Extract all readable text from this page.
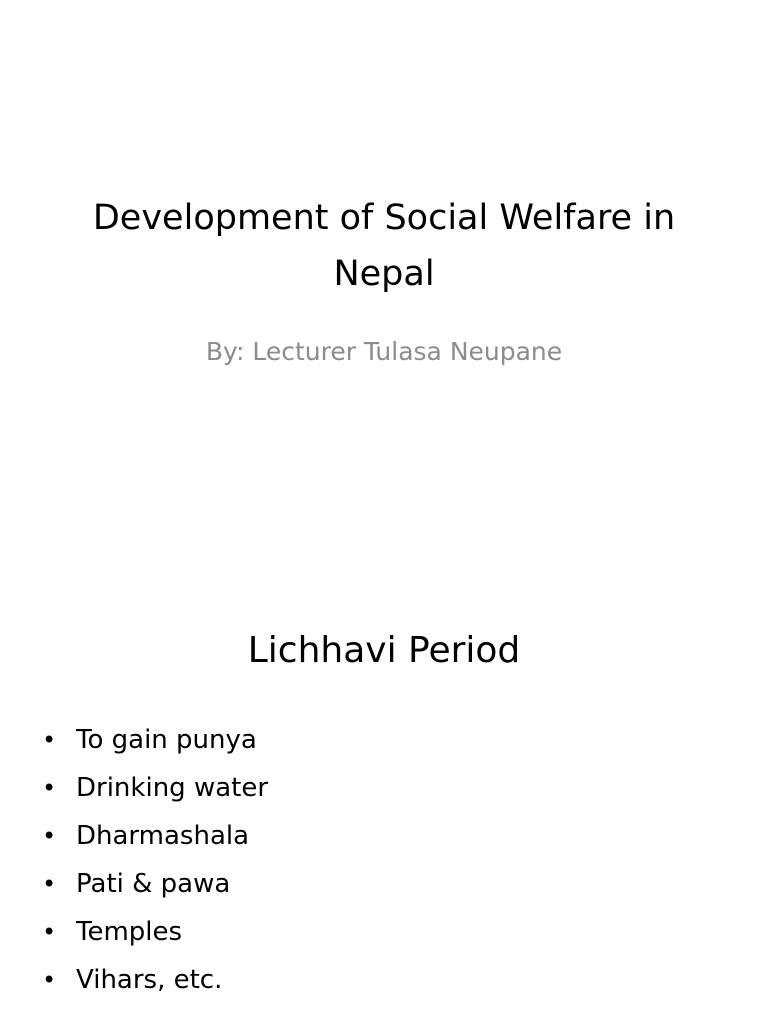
Development of Social Welfare in Nepal

By: Lecturer Tulasa Neupane

Lichhavi Period
• To gain punya
• Drinking water
• Dharmashala
• Pati & pawa
• Temples
• Vihars, etc.
